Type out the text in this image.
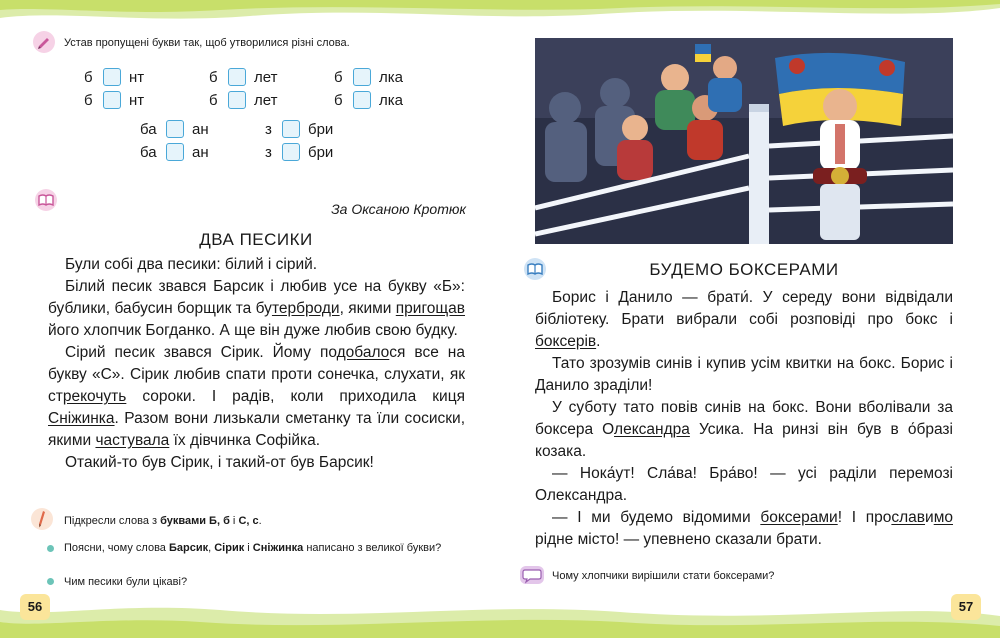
Устав пропущені букви так, щоб утворилися різні слова.
б нт	б лет	б лка
б нт	б лет	б лка
ба ан	з бри
ба ан	з бри
За Оксаною Кротюк
ДВА ПЕСИКИ

Були собі два песики: білий і сірий.

Білий песик звався Барсик і любив усе на букву «Б»: бублики, бабусин борщик та бутерброди, якими пригощав його хлопчик Богданко. А ще він дуже любив свою будку.

Сірий песик звався Сірик. Йому подобалося все на букву «С». Сірик любив спати проти сонечка, слухати, як стрекочуть сороки. І радів, коли приходила киця Сніжинка. Разом вони лизькали сметанку та їли сосиски, якими частувала їх дівчинка Софійка.

Отакий-то був Сірик, і такий-от був Барсик!

Підкресли слова з буквами Б, б і С, с.
Поясни, чому слова Барсик, Сірик і Сніжинка написано з великої букви?
Чим песики були цікаві?
56
БУДЕМО БОКСЕРАМИ

Борис і Данило — брати́. У середу вони відвідали бібліотеку. Брати вибрали собі розповіді про бокс і боксерів.

Тато зрозумів синів і купив усім квитки на бокс. Борис і Данило зраділи!

У суботу тато повів синів на бокс. Вони вболівали за боксера Олександра Усика. На ринзі він був в о́бразі козака.

— Нока́ут! Сла́ва! Бра́во! — усі раділи перемозі Олександра.

— І ми будемо відомими боксерами! І прославимо рідне місто! — упевнено сказали брати.

Чому хлопчики вирішили стати боксерами?
57
